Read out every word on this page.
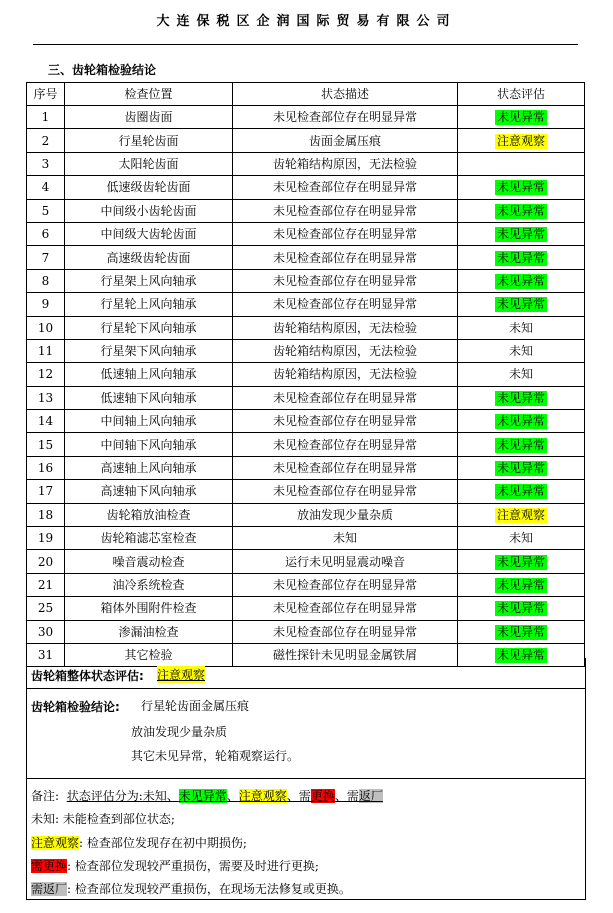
大连保税区企润国际贸易有限公司
三、齿轮箱检验结论
序号	检查位置	状态描述	状态评估
1	齿圈齿面	未见检查部位存在明显异常	未见异常
2	行星轮齿面	齿面金属压痕	注意观察
3	太阳轮齿面	齿轮箱结构原因，无法检验	
4	低速级齿轮齿面	未见检查部位存在明显异常	未见异常
5	中间级小齿轮齿面	未见检查部位存在明显异常	未见异常
6	中间级大齿轮齿面	未见检查部位存在明显异常	未见异常
7	高速级齿轮齿面	未见检查部位存在明显异常	未见异常
8	行星架上风向轴承	未见检查部位存在明显异常	未见异常
9	行星轮上风向轴承	未见检查部位存在明显异常	未见异常
10	行星轮下风向轴承	齿轮箱结构原因，无法检验	未知
11	行星架下风向轴承	齿轮箱结构原因，无法检验	未知
12	低速轴上风向轴承	齿轮箱结构原因，无法检验	未知
13	低速轴下风向轴承	未见检查部位存在明显异常	未见异常
14	中间轴上风向轴承	未见检查部位存在明显异常	未见异常
15	中间轴下风向轴承	未见检查部位存在明显异常	未见异常
16	高速轴上风向轴承	未见检查部位存在明显异常	未见异常
17	高速轴下风向轴承	未见检查部位存在明显异常	未见异常
18	齿轮箱放油检查	放油发现少量杂质	注意观察
19	齿轮箱滤芯室检查	未知	未知
20	噪音震动检查	运行未见明显震动噪音	未见异常
21	油冷系统检查	未见检查部位存在明显异常	未见异常
25	箱体外围附件检查	未见检查部位存在明显异常	未见异常
30	渗漏油检查	未见检查部位存在明显异常	未见异常
31	其它检验	磁性探针未见明显金属铁屑	未见异常
齿轮箱整体状态评估: 注意观察
齿轮箱检验结论: 行星轮齿面金属压痕
放油发现少量杂质
其它未见异常，轮箱观察运行。
备注: 状态评估分为:未知、未见异常、注意观察、需更换、需返厂
未知: 未能检查到部位状态;
注意观察: 检查部位发现存在初中期损伤;
需更换: 检查部位发现较严重损伤，需要及时进行更换;
需返厂: 检查部位发现较严重损伤，在现场无法修复或更换。
